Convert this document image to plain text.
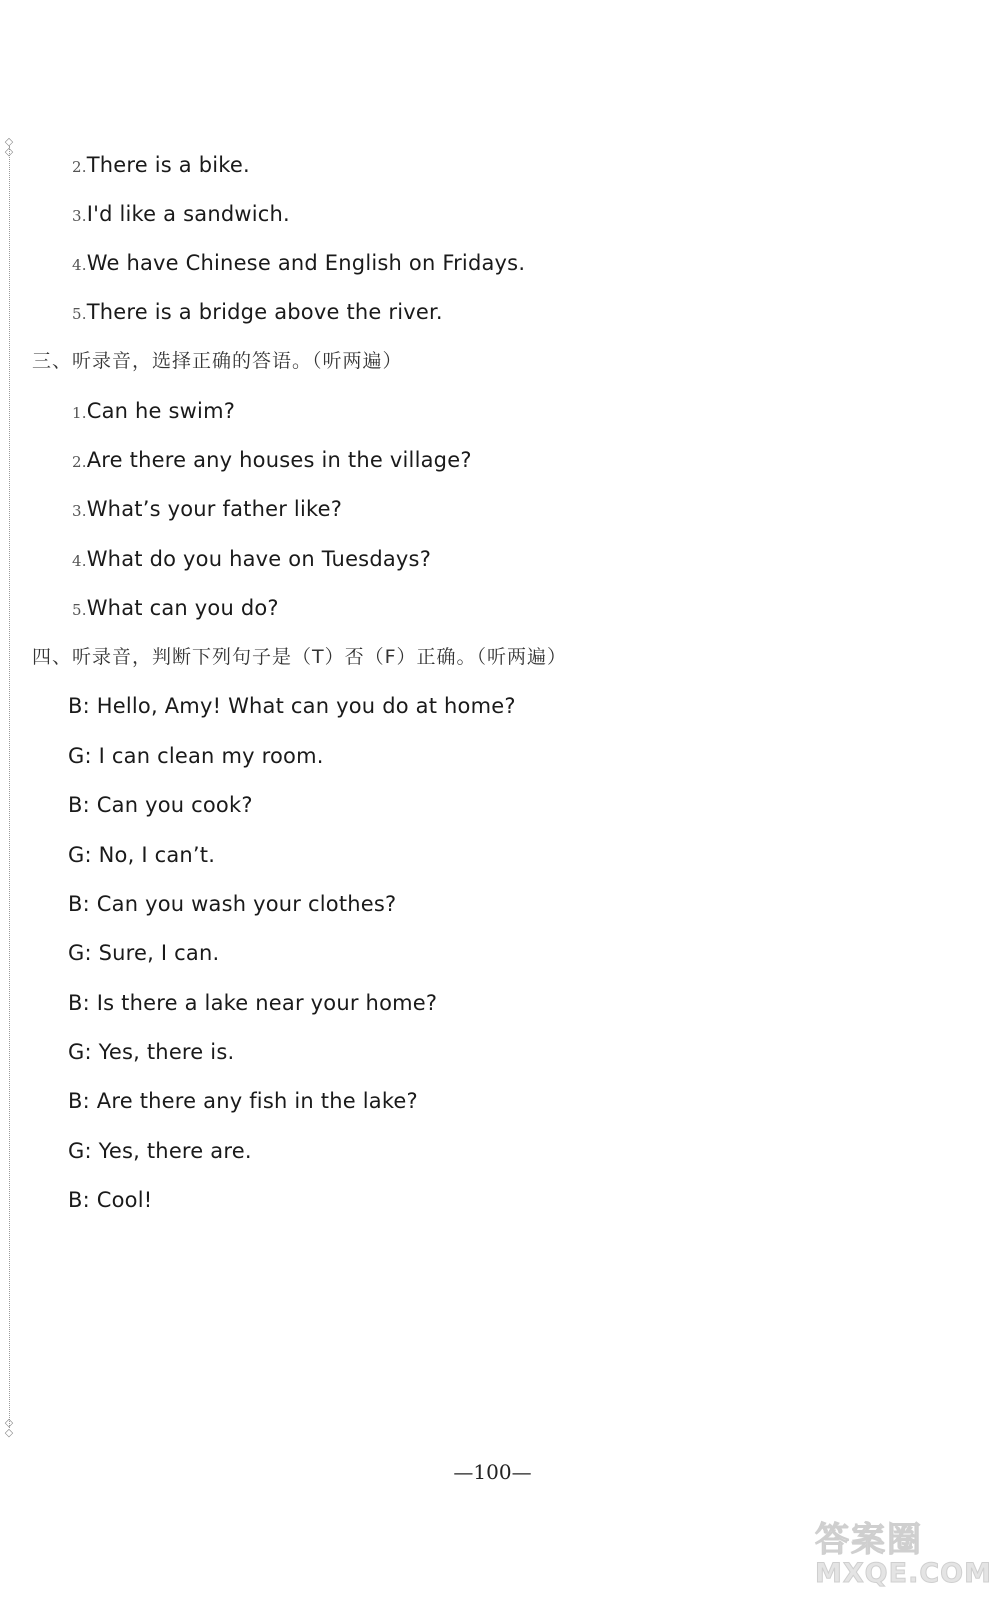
◇
◇
◇
◇
2.There is a bike.
3.I'd like a sandwich.
4.We have Chinese and English on Fridays.
5.There is a bridge above the river.
三、听录音，选择正确的答语。（听两遍）
1.Can he swim?
2.Are there any houses in the village?
3.What’s your father like?
4.What do you have on Tuesdays?
5.What can you do?
四、听录音，判断下列句子是（T）否（F）正确。（听两遍）
B: Hello, Amy! What can you do at home?
G: I can clean my room.
B: Can you cook?
G: No, I can’t.
B: Can you wash your clothes?
G: Sure, I can.
B: Is there a lake near your home?
G: Yes, there is.
B: Are there any fish in the lake?
G: Yes, there are.
B: Cool!
—100—
答案圈
MXQE.COM
